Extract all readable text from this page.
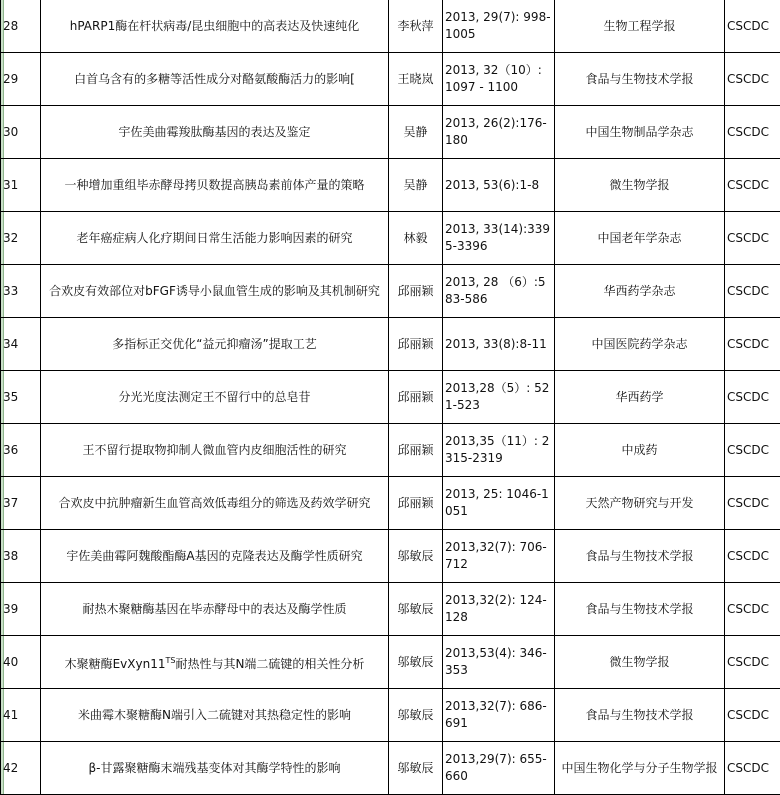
28	hPARP1酶在杆状病毒/昆虫细胞中的高表达及快速纯化	李秋萍	2013, 29(7): 998-1005	生物工程学报	CSCDC
29	白首乌含有的多糖等活性成分对酪氨酸酶活力的影响[	王晓岚	2013, 32（10）: 1097 - 1100	食品与生物技术学报	CSCDC
30	宇佐美曲霉羧肽酶基因的表达及鉴定	吴静	2013, 26(2):176-180	中国生物制品学杂志	CSCDC
31	一种增加重组毕赤酵母拷贝数提高胰岛素前体产量的策略	吴静	2013, 53(6):1-8	微生物学报	CSCDC
32	老年癌症病人化疗期间日常生活能力影响因素的研究	林毅	2013, 33(14):3395-3396	中国老年学杂志	CSCDC
33	合欢皮有效部位对bFGF诱导小鼠血管生成的影响及其机制研究	邱丽颖	2013, 28 （6）:583-586	华西药学杂志	CSCDC
34	多指标正交优化“益元抑瘤汤”提取工艺	邱丽颖	2013, 33(8):8-11	中国医院药学杂志	CSCDC
35	分光光度法测定王不留行中的总皂苷	邱丽颖	2013,28（5）: 521-523	华西药学	CSCDC
36	王不留行提取物抑制人微血管内皮细胞活性的研究	邱丽颖	2013,35（11）: 2315-2319	中成药	CSCDC
37	合欢皮中抗肿瘤新生血管高效低毒组分的筛选及药效学研究	邱丽颖	2013, 25: 1046-1051	天然产物研究与开发	CSCDC
38	宇佐美曲霉阿魏酸酯酶A基因的克隆表达及酶学性质研究	邬敏辰	2013,32(7): 706-712	食品与生物技术学报	CSCDC
39	耐热木聚糖酶基因在毕赤酵母中的表达及酶学性质	邬敏辰	2013,32(2): 124-128	食品与生物技术学报	CSCDC
40	木聚糖酶$EvXyn11^{TS}$耐热性与其N端二硫键的相关性分析	邬敏辰	2013,53(4): 346-353	微生物学报	CSCDC
41	米曲霉木聚糖酶N端引入二硫键对其热稳定性的影响	邬敏辰	2013,32(7): 686-691	食品与生物技术学报	CSCDC
42	β-甘露聚糖酶末端残基变体对其酶学特性的影响	邬敏辰	2013,29(7): 655-660	中国生物化学与分子生物学报	CSCDC
